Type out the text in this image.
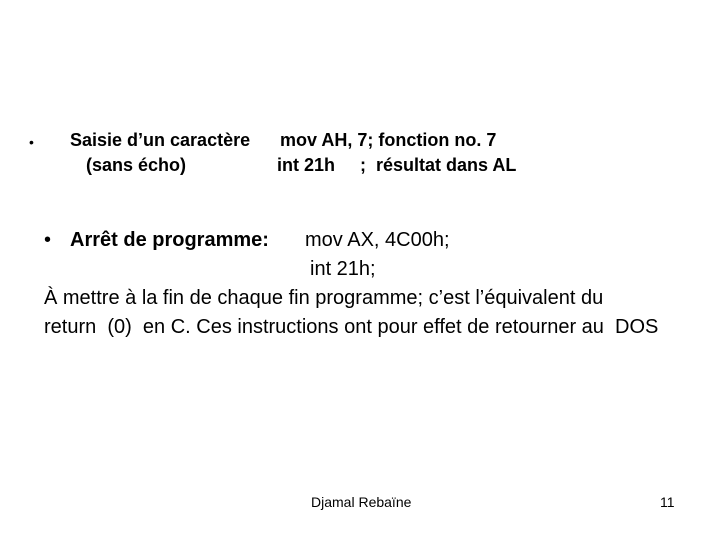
• Saisie d’un caractère
(sans écho)
mov AH, 7; fonction no. 7
int 21h     ;  résultat dans AL
• Arrêt de programme: mov AX, 4C00h;
int 21h;
À mettre à la fin de chaque fin programme; c’est l’équivalent du
return  (0)  en C. Ces instructions ont pour effet de retourner au  DOS
Djamal Rebaïne	11
